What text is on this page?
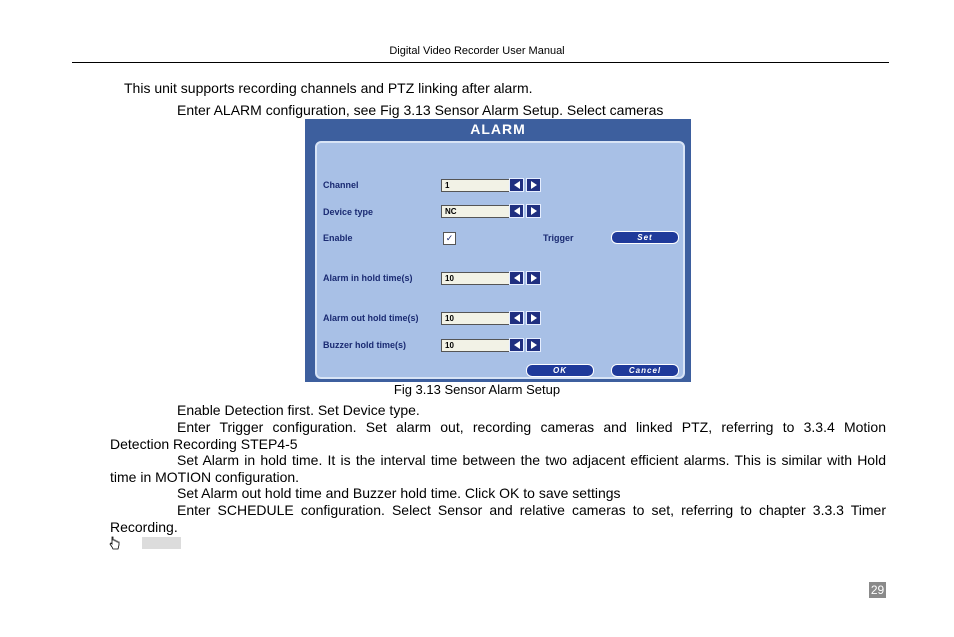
Digital Video Recorder User Manual
This unit supports recording channels and PTZ linking after alarm.
Enter ALARM configuration, see Fig 3.13 Sensor Alarm Setup. Select cameras
ALARM
Channel	1
Device type	NC
Enable	✓	Trigger	Set
Alarm in hold time(s)	10
Alarm out hold time(s)	10
Buzzer hold time(s)	10
OK	Cancel
Fig 3.13 Sensor Alarm Setup
Enable Detection first. Set Device type.
Enter Trigger configuration. Set alarm out, recording cameras and linked PTZ, referring to 3.3.4 Motion
Detection Recording STEP4-5
Set Alarm in hold time. It is the interval time between the two adjacent efficient alarms. This is similar with Hold
time in MOTION configuration.
Set Alarm out hold time and Buzzer hold time. Click OK to save settings
Enter SCHEDULE configuration. Select Sensor and relative cameras to set, referring to chapter 3.3.3 Timer
Recording.
29
